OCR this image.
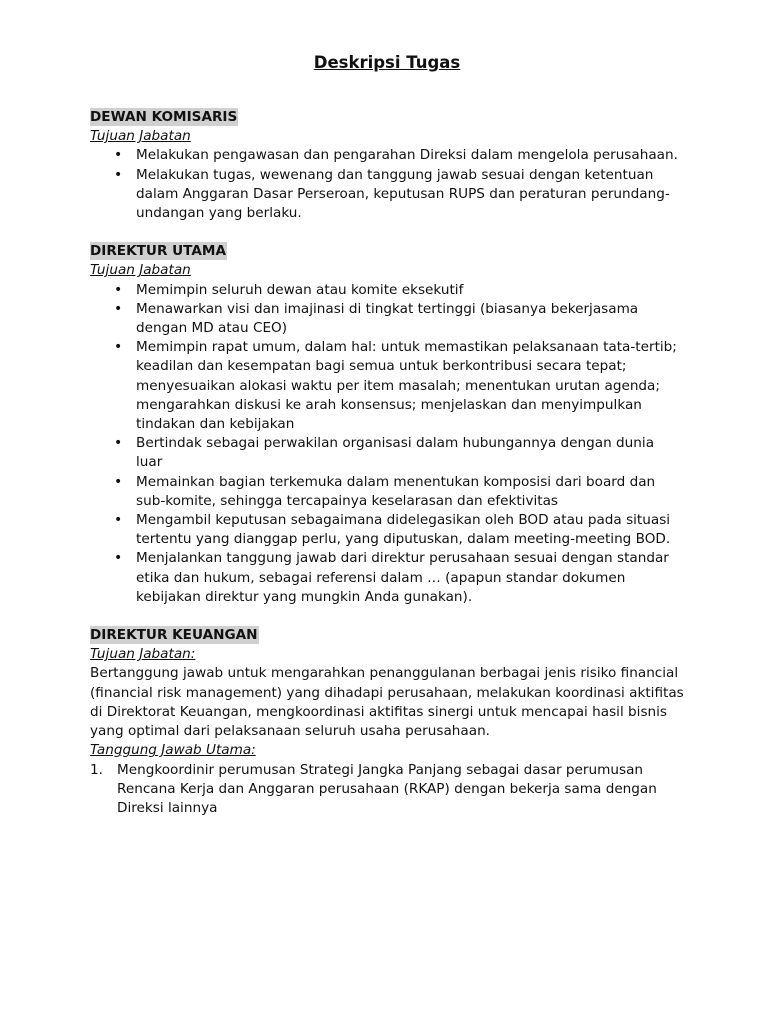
Deskripsi Tugas
DEWAN KOMISARIS
Tujuan Jabatan
• Melakukan pengawasan dan pengarahan Direksi dalam mengelola perusahaan.
• Melakukan tugas, wewenang dan tanggung jawab sesuai dengan ketentuan dalam Anggaran Dasar Perseroan, keputusan RUPS dan peraturan perundang-undangan yang berlaku.
DIREKTUR UTAMA
Tujuan Jabatan
• Memimpin seluruh dewan atau komite eksekutif
• Menawarkan visi dan imajinasi di tingkat tertinggi (biasanya bekerjasama dengan MD atau CEO)
• Memimpin rapat umum, dalam hal: untuk memastikan pelaksanaan tata-tertib; keadilan dan kesempatan bagi semua untuk berkontribusi secara tepat; menyesuaikan alokasi waktu per item masalah; menentukan urutan agenda; mengarahkan diskusi ke arah konsensus; menjelaskan dan menyimpulkan tindakan dan kebijakan
• Bertindak sebagai perwakilan organisasi dalam hubungannya dengan dunia luar
• Memainkan bagian terkemuka dalam menentukan komposisi dari board dan sub-komite, sehingga tercapainya keselarasan dan efektivitas
• Mengambil keputusan sebagaimana didelegasikan oleh BOD atau pada situasi tertentu yang dianggap perlu, yang diputuskan, dalam meeting-meeting BOD.
• Menjalankan tanggung jawab dari direktur perusahaan sesuai dengan standar etika dan hukum, sebagai referensi dalam … (apapun standar dokumen kebijakan direktur yang mungkin Anda gunakan).
DIREKTUR KEUANGAN
Tujuan Jabatan:

Bertanggung jawab untuk mengarahkan penanggulanan berbagai jenis risiko financial (financial risk management) yang dihadapi perusahaan, melakukan koordinasi aktifitas di Direktorat Keuangan, mengkoordinasi aktifitas sinergi untuk mencapai hasil bisnis yang optimal dari pelaksanaan seluruh usaha perusahaan.

Tanggung Jawab Utama:
1. Mengkoordinir perumusan Strategi Jangka Panjang sebagai dasar perumusan Rencana Kerja dan Anggaran perusahaan (RKAP) dengan bekerja sama dengan Direksi lainnya
